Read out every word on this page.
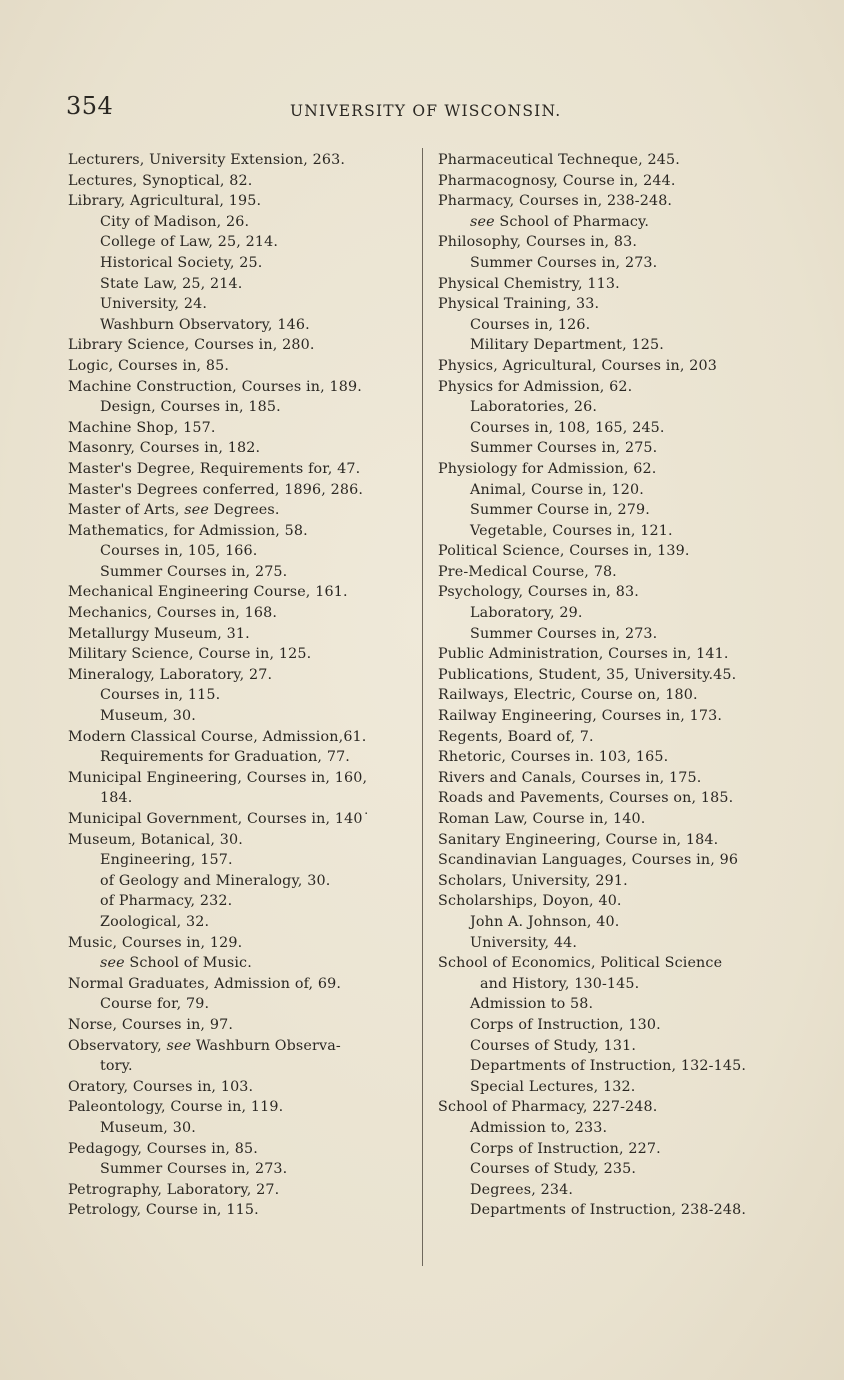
354	UNIVERSITY OF WISCONSIN.
Lecturers, University Extension, 263.
Lectures, Synoptical, 82.
Library, Agricultural, 195.
City of Madison, 26.
College of Law, 25, 214.
Historical Society, 25.
State Law, 25, 214.
University, 24.
Washburn Observatory, 146.
Library Science, Courses in, 280.
Logic, Courses in, 85.
Machine Construction, Courses in, 189.
Design, Courses in, 185.
Machine Shop, 157.
Masonry, Courses in, 182.
Master's Degree, Requirements for, 47.
Master's Degrees conferred, 1896, 286.
Master of Arts, see Degrees.
Mathematics, for Admission, 58.
Courses in, 105, 166.
Summer Courses in, 275.
Mechanical Engineering Course, 161.
Mechanics, Courses in, 168.
Metallurgy Museum, 31.
Military Science, Course in, 125.
Mineralogy, Laboratory, 27.
Courses in, 115.
Museum, 30.
Modern Classical Course, Admission,61.
Requirements for Graduation, 77.
Municipal Engineering, Courses in, 160,
184.
Municipal Government, Courses in, 140˙
Museum, Botanical, 30.
Engineering, 157.
of Geology and Mineralogy, 30.
of Pharmacy, 232.
Zoological, 32.
Music, Courses in, 129.
see School of Music.
Normal Graduates, Admission of, 69.
Course for, 79.
Norse, Courses in, 97.
Observatory, see Washburn Observa-
tory.
Oratory, Courses in, 103.
Paleontology, Course in, 119.
Museum, 30.
Pedagogy, Courses in, 85.
Summer Courses in, 273.
Petrography, Laboratory, 27.
Petrology, Course in, 115.
Pharmaceutical Techneque, 245.
Pharmacognosy, Course in, 244.
Pharmacy, Courses in, 238-248.
see School of Pharmacy.
Philosophy, Courses in, 83.
Summer Courses in, 273.
Physical Chemistry, 113.
Physical Training, 33.
Courses in, 126.
Military Department, 125.
Physics, Agricultural, Courses in, 203
Physics for Admission, 62.
Laboratories, 26.
Courses in, 108, 165, 245.
Summer Courses in, 275.
Physiology for Admission, 62.
Animal, Course in, 120.
Summer Course in, 279.
Vegetable, Courses in, 121.
Political Science, Courses in, 139.
Pre-Medical Course, 78.
Psychology, Courses in, 83.
Laboratory, 29.
Summer Courses in, 273.
Public Administration, Courses in, 141.
Publications, Student, 35, University.45.
Railways, Electric, Course on, 180.
Railway Engineering, Courses in, 173.
Regents, Board of, 7.
Rhetoric, Courses in. 103, 165.
Rivers and Canals, Courses in, 175.
Roads and Pavements, Courses on, 185.
Roman Law, Course in, 140.
Sanitary Engineering, Course in, 184.
Scandinavian Languages, Courses in, 96
Scholars, University, 291.
Scholarships, Doyon, 40.
John A. Johnson, 40.
University, 44.
School of Economics, Political Science
and History, 130-145.
Admission to 58.
Corps of Instruction, 130.
Courses of Study, 131.
Departments of Instruction, 132-145.
Special Lectures, 132.
School of Pharmacy, 227-248.
Admission to, 233.
Corps of Instruction, 227.
Courses of Study, 235.
Degrees, 234.
Departments of Instruction, 238-248.
